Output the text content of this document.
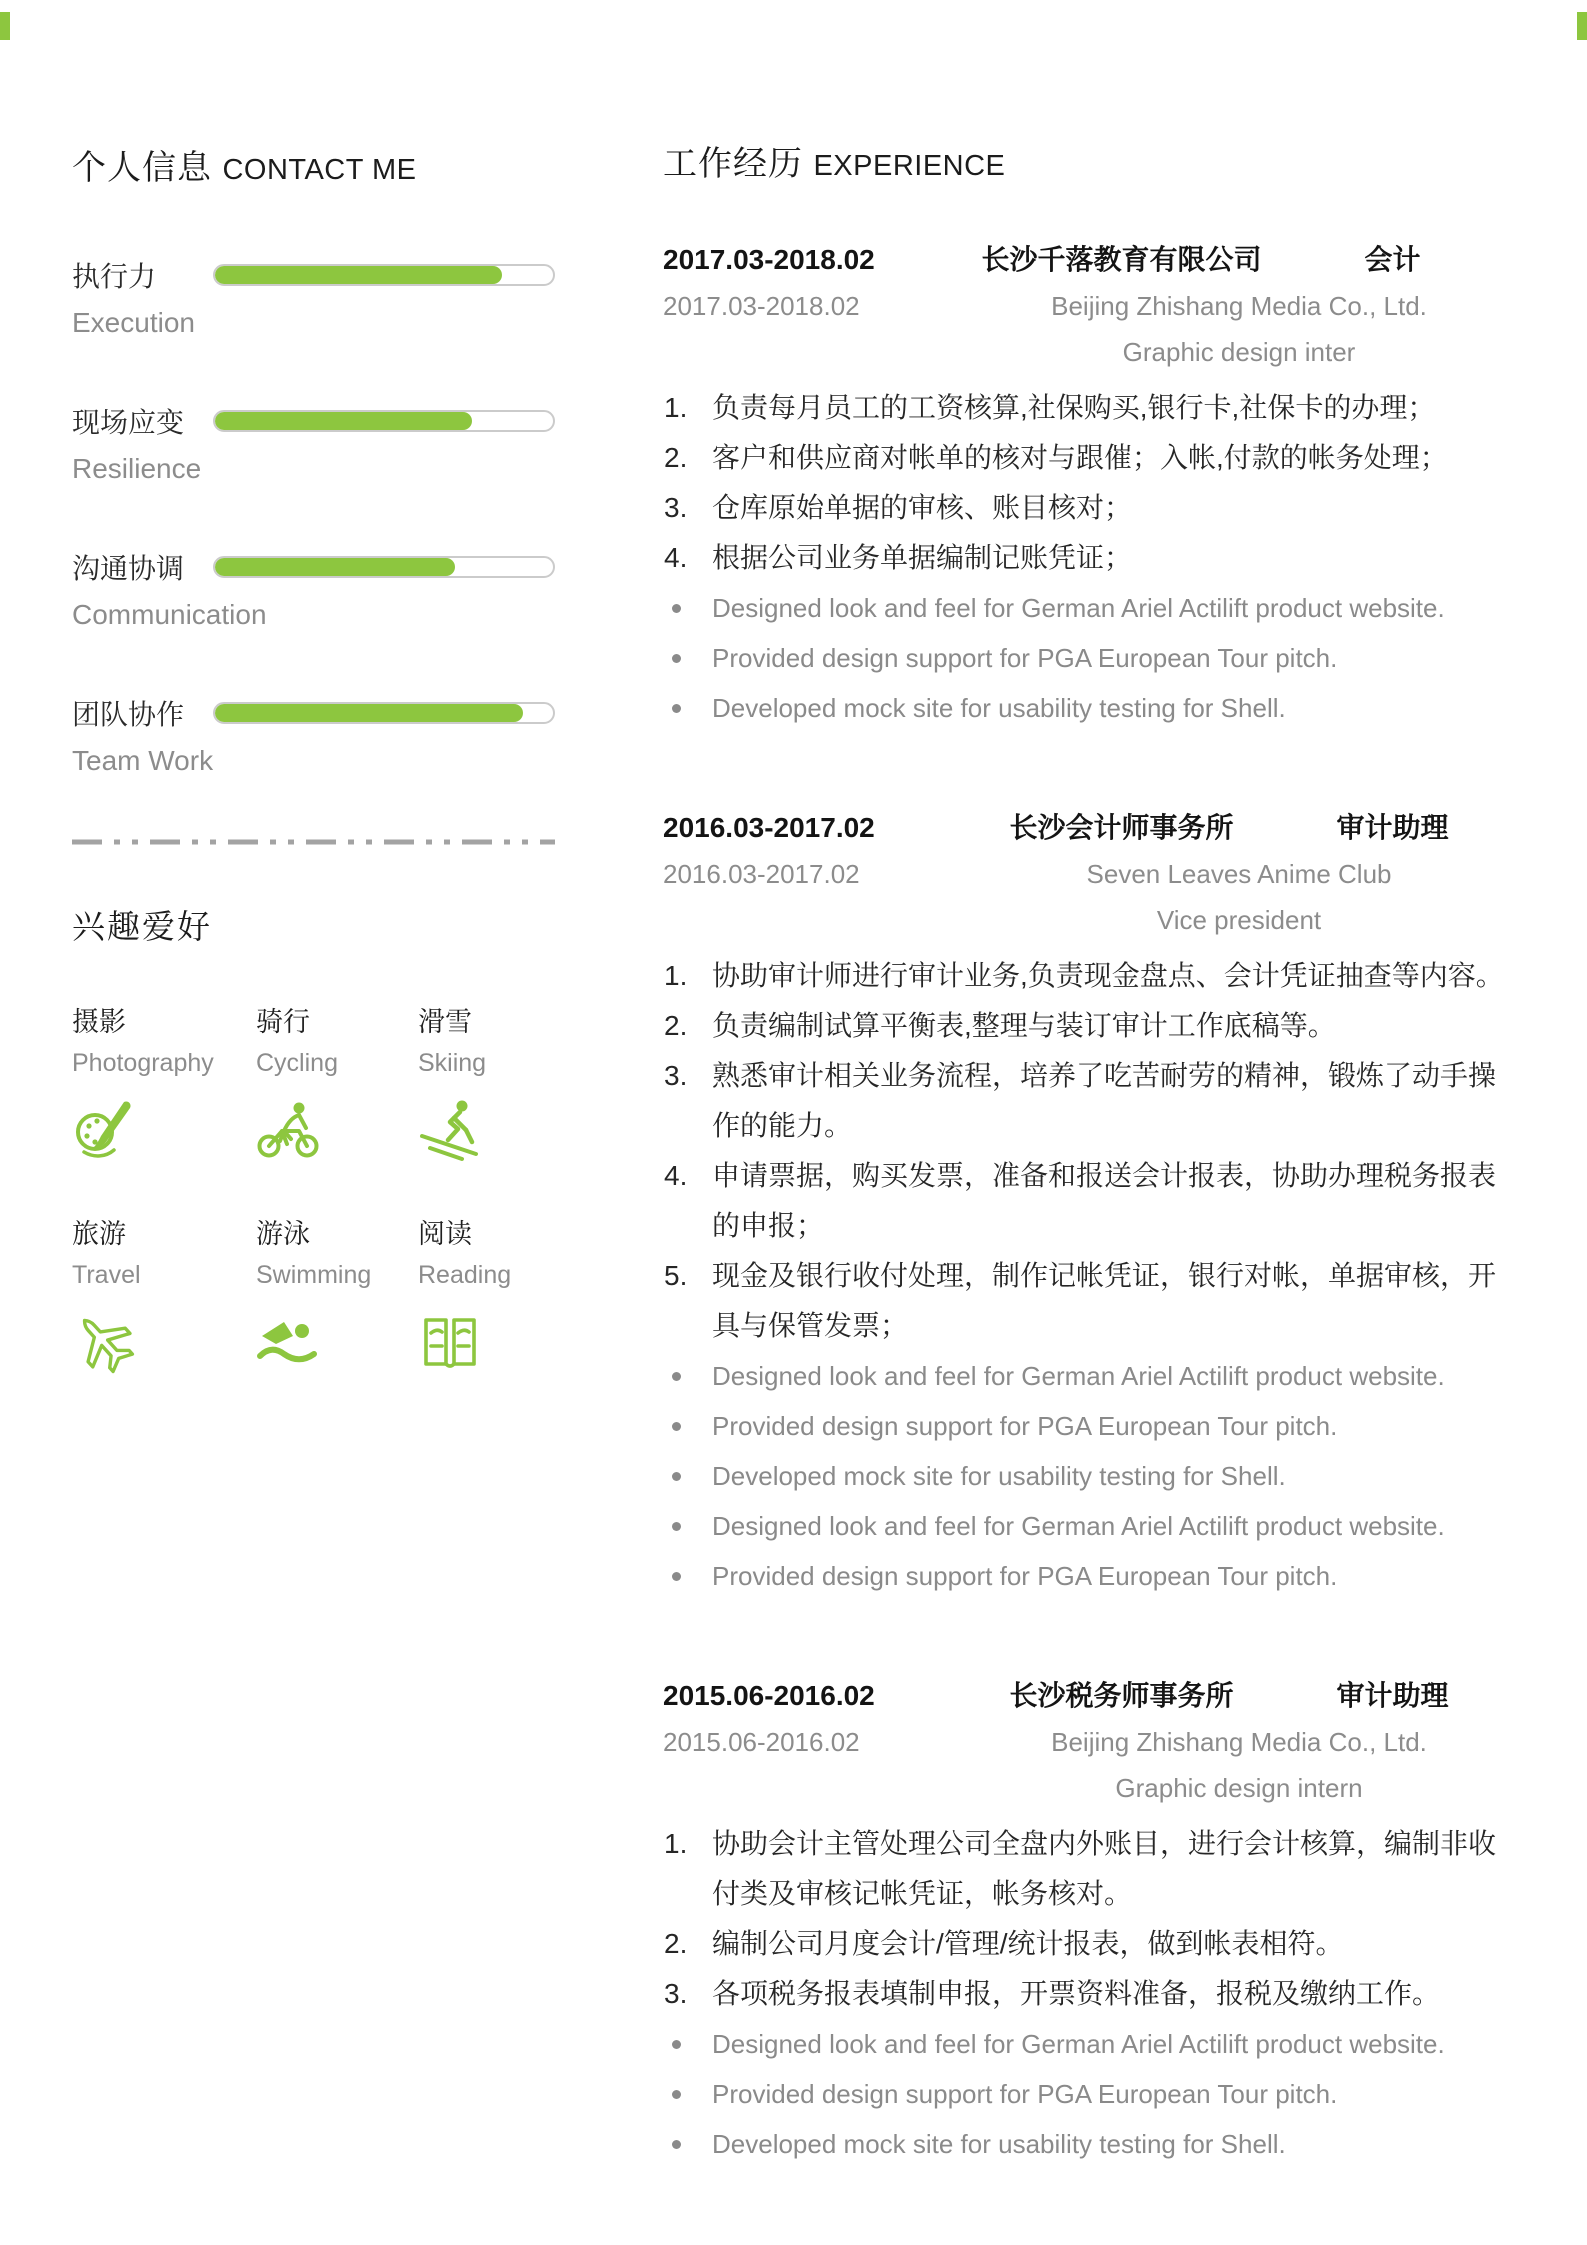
个人信息 CONTACT ME
执行力
Execution
现场应变
Resilience
沟通协调
Communication
团队协作
Team Work
兴趣爱好
摄影
Photography
骑行
Cycling
滑雪
Skiing
旅游
Travel
游泳
Swimming
阅读
Reading
工作经历 EXPERIENCE
2017.03-2018.02	长沙千落教育有限公司	会计
2017.03-2018.02	Beijing Zhishang Media Co., Ltd.
Graphic design inter
负责每月员工的工资核算,社保购买,银行卡,社保卡的办理；
客户和供应商对帐单的核对与跟催；入帐,付款的帐务处理；
仓库原始单据的审核、账目核对；
根据公司业务单据编制记账凭证；
Designed look and feel for German Ariel Actilift product website.
Provided design support for PGA European Tour pitch.
Developed mock site for usability testing for Shell.
2016.03-2017.02	长沙会计师事务所	审计助理
2016.03-2017.02	Seven Leaves Anime Club
Vice president
协助审计师进行审计业务,负责现金盘点、会计凭证抽查等内容。
负责编制试算平衡表,整理与装订审计工作底稿等。
熟悉审计相关业务流程，培养了吃苦耐劳的精神，锻炼了动手操作的能力。
申请票据，购买发票，准备和报送会计报表，协助办理税务报表的申报；
现金及银行收付处理，制作记帐凭证，银行对帐，单据审核，开具与保管发票；
Designed look and feel for German Ariel Actilift product website.
Provided design support for PGA European Tour pitch.
Developed mock site for usability testing for Shell.
Designed look and feel for German Ariel Actilift product website.
Provided design support for PGA European Tour pitch.
2015.06-2016.02	长沙税务师事务所	审计助理
2015.06-2016.02	Beijing Zhishang Media Co., Ltd.
Graphic design intern
协助会计主管处理公司全盘内外账目，进行会计核算，编制非收付类及审核记帐凭证，帐务核对。
编制公司月度会计/管理/统计报表，做到帐表相符。
各项税务报表填制申报，开票资料准备，报税及缴纳工作。
Designed look and feel for German Ariel Actilift product website.
Provided design support for PGA European Tour pitch.
Developed mock site for usability testing for Shell.
